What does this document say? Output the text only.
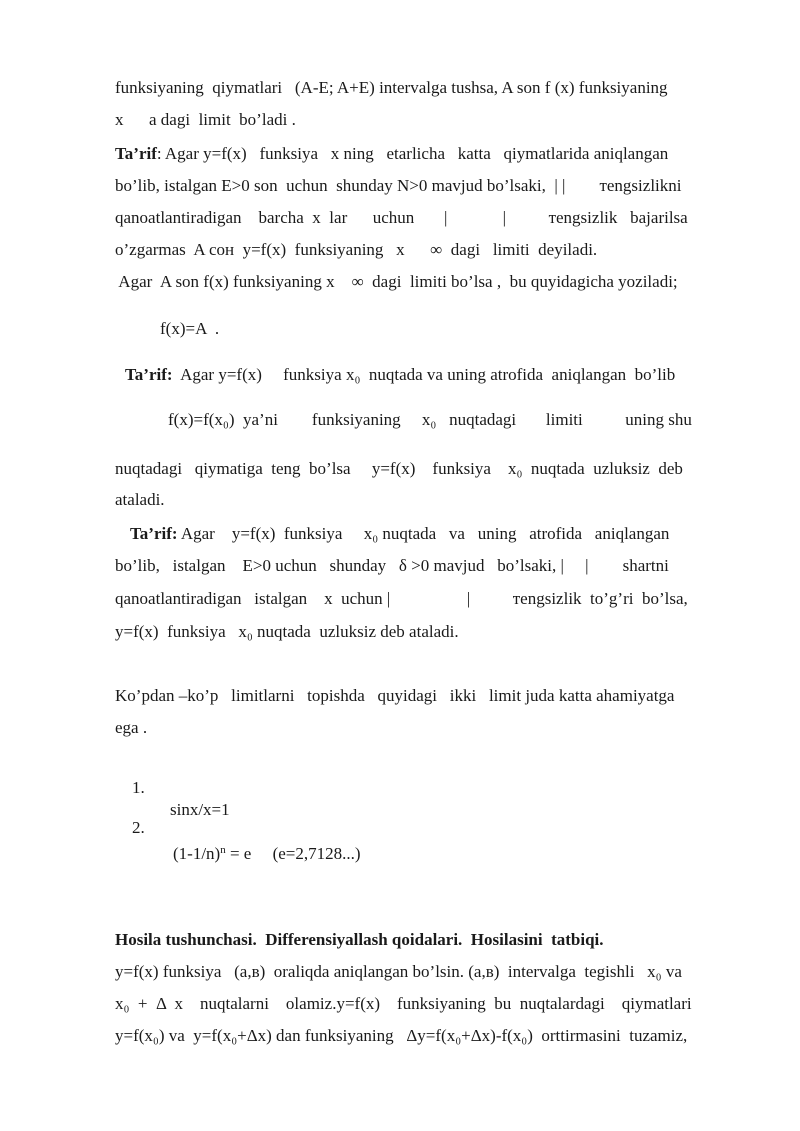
funksiyaning  qiymatlari   (A-E; A+E) intervalga tushsa, A son f (x) funksiyaning
x      a dagi  limit  bo’ladi .
Ta’rif: Agar y=f(x)   funksiya   x ning   etarlicha   katta   qiymatlarida aniqlangan
bo’lib, istalgan E>0 son  uchun  shunday N>0 mavjud bo’lsaki,  | |        тengsizlikni
qanoatlantiradigan    barcha  x  lar      uchun       |             |          тengsizlik   bajarilsa
o’zgarmas  A сон  y=f(x)  funksiyaning   x      ∞  dagi   limiti  deyiladi.
Agar  A son f(x) funksiyaning x    ∞  dagi  limiti bo’lsa ,  bu quyidagicha yoziladi;
f(x)=A  .
Ta’rif:  Agar y=f(x)     funksiya x₀  nuqtada va uning atrofida  aniqlangan  bo’lib
f(x)=f(x₀)  ya’ni        funksiyaning     x₀   nuqtadagi       limiti          uning shu
nuqtadagi   qiymatiga  teng  bo’lsa     y=f(x)    funksiya    x₀  nuqtada  uzluksiz  deb
ataladi.
Ta’rif: Agar    y=f(x)  funksiya     x₀ nuqtada   va   uning   atrofida   aniqlangan
bo’lib,   istalgan    E>0 uchun   shunday   δ >0 mavjud   bo’lsaki, |     |        shartni
qanoatlantiradigan   istalgan    x  uchun |                  |          тengsizlik  to’g’ri  bo’lsa,
y=f(x)  funksiya   x₀ nuqtada  uzluksiz deb ataladi.
Ko’pdan –ko’p   limitlarni   topishda   quyidagi   ikki   limit juda katta ahamiyatga
ega .

1.

sinx/x=1

2.

$(1-1/n)^n = e$     (e=2,7128...)

Hosila tushunchasi.  Differensiyallash qoidalari.  Hosilasini  tatbiqi.
y=f(x) funksiya   (a,в)  oraliqda aniqlangan bo’lsin. (a,в)  intervalga  tegishli   x₀ va
x₀  +  Δ  x    nuqtalarni    olamiz.y=f(x)    funksiyaning  bu  nuqtalardagi    qiymatlari
y=f(x₀) va  y=f(x₀+Δx) dan funksiyaning   Δy=f(x₀+Δx)-f(x₀)  orttirmasini  tuzamiz,
